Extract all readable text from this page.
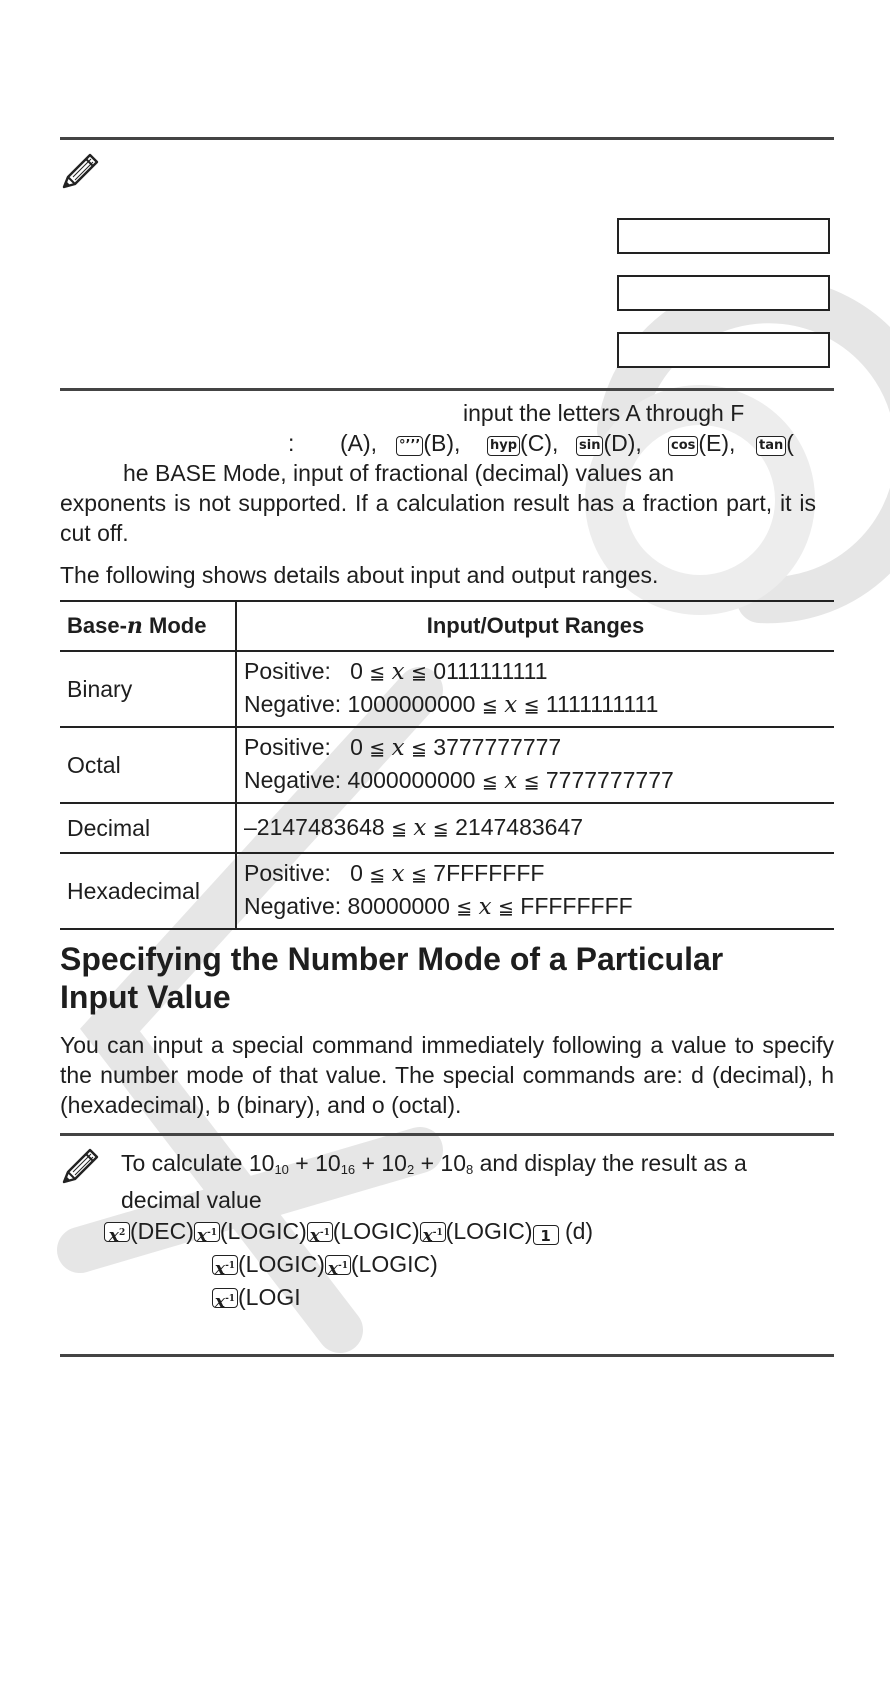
input the letters A through F
: (A), °’’’ (B), hyp (C), sin (D), cos (E), tan (
he BASE Mode, input of fractional (decimal) values an
exponents is not supported. If a calculation result has a fraction part, it is cut off.
The following shows details about input and output ranges.
Base-n Mode	Input/Output Ranges
Binary	Positive: 0 ≦ x ≦ 0111111111
Negative: 1000000000 ≦ x ≦ 1111111111

Octal	Positive: 0 ≦ x ≦ 3777777777
Negative: 4000000000 ≦ x ≦ 7777777777

Decimal	–2147483648 ≦ x ≦ 2147483647
Hexadecimal	Positive: 0 ≦ x ≦ 7FFFFFFF
Negative: 80000000 ≦ x ≦ FFFFFFFF
Specifying the Number Mode of a Particular
Input Value
You can input a special command immediately following a value to specify the number mode of that value. The special commands are: d (decimal), h (hexadecimal), b (binary), and o (octal).
To calculate $10_{10} + 10_{16} + 10_2 + 10_8$ and display the result as a
decimal value
$x^2$ (DEC) $x^{-1}$ (LOGIC) $x^{-1}$ (LOGIC) $x^{-1}$ (LOGIC) 1 (d)
$x^{-1}$ (LOGIC) $x^{-1}$ (LOGIC)
$x^{-1}$ (LOGI
